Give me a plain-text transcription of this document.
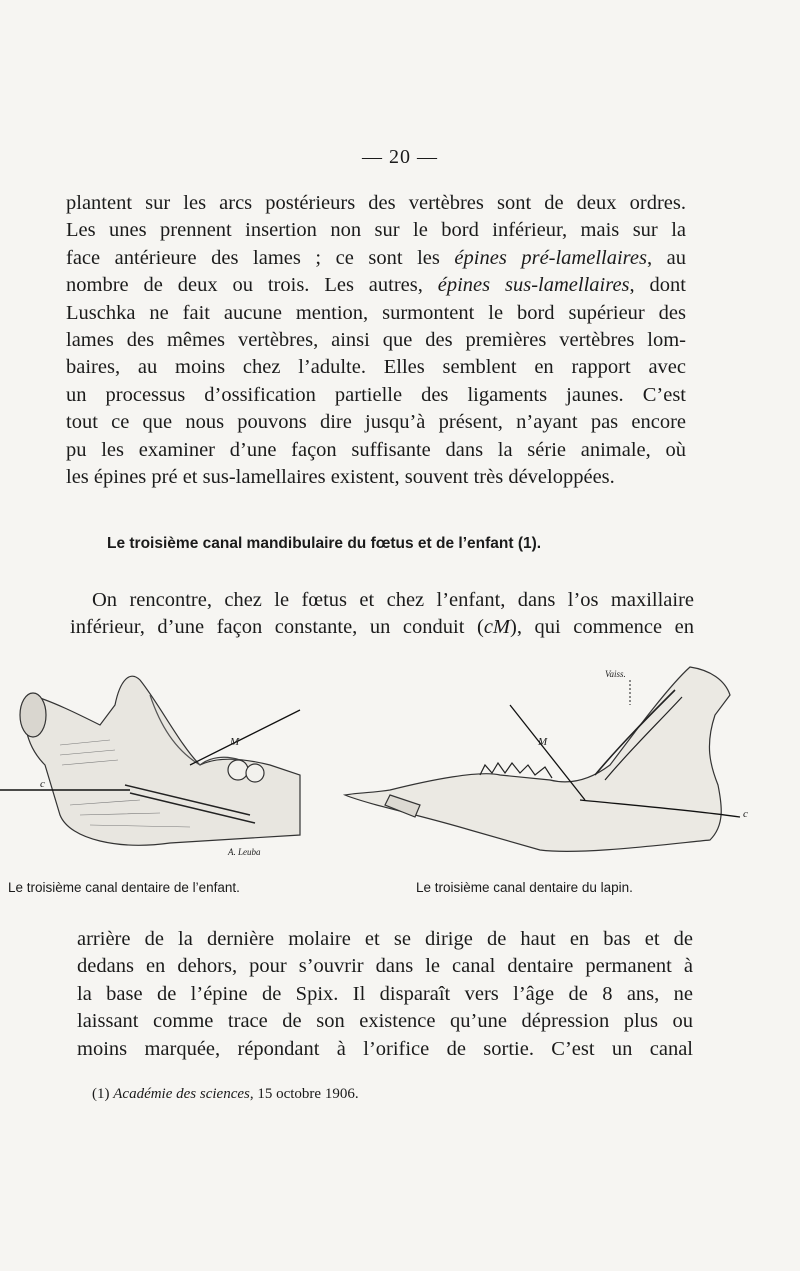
— 20 —
plantent sur les arcs postérieurs des vertèbres sont de deux ordres.
Les unes prennent insertion non sur le bord inférieur, mais sur la
face antérieure des lames ; ce sont les épines pré-lamellaires, au
nombre de deux ou trois. Les autres, épines sus-lamellaires, dont
Luschka ne fait aucune mention, surmontent le bord supérieur des
lames des mêmes vertèbres, ainsi que des premières vertèbres lom-
baires, au moins chez l’adulte. Elles semblent en rapport avec
un processus d’ossification partielle des ligaments jaunes. C’est
tout ce que nous pouvons dire jusqu’à présent, n’ayant pas encore
pu les examiner d’une façon suffisante dans la série animale, où
les épines pré et sus-lamellaires existent, souvent très développées.
Le troisième canal mandibulaire du fœtus et de l’enfant (1).
On rencontre, chez le fœtus et chez l’enfant, dans l’os maxillaire
inférieur, d’une façon constante, un conduit (cM), qui commence en
c
M
A. Leuba
Vaiss.
M
c
Le troisième canal dentaire de l’enfant.	Le troisième canal dentaire du lapin.
arrière de la dernière molaire et se dirige de haut en bas et de
dedans en dehors, pour s’ouvrir dans le canal dentaire permanent à
la base de l’épine de Spix. Il disparaît vers l’âge de 8 ans, ne
laissant comme trace de son existence qu’une dépression plus ou
moins marquée, répondant à l’orifice de sortie. C’est un canal
(1) Académie des sciences, 15 octobre 1906.
